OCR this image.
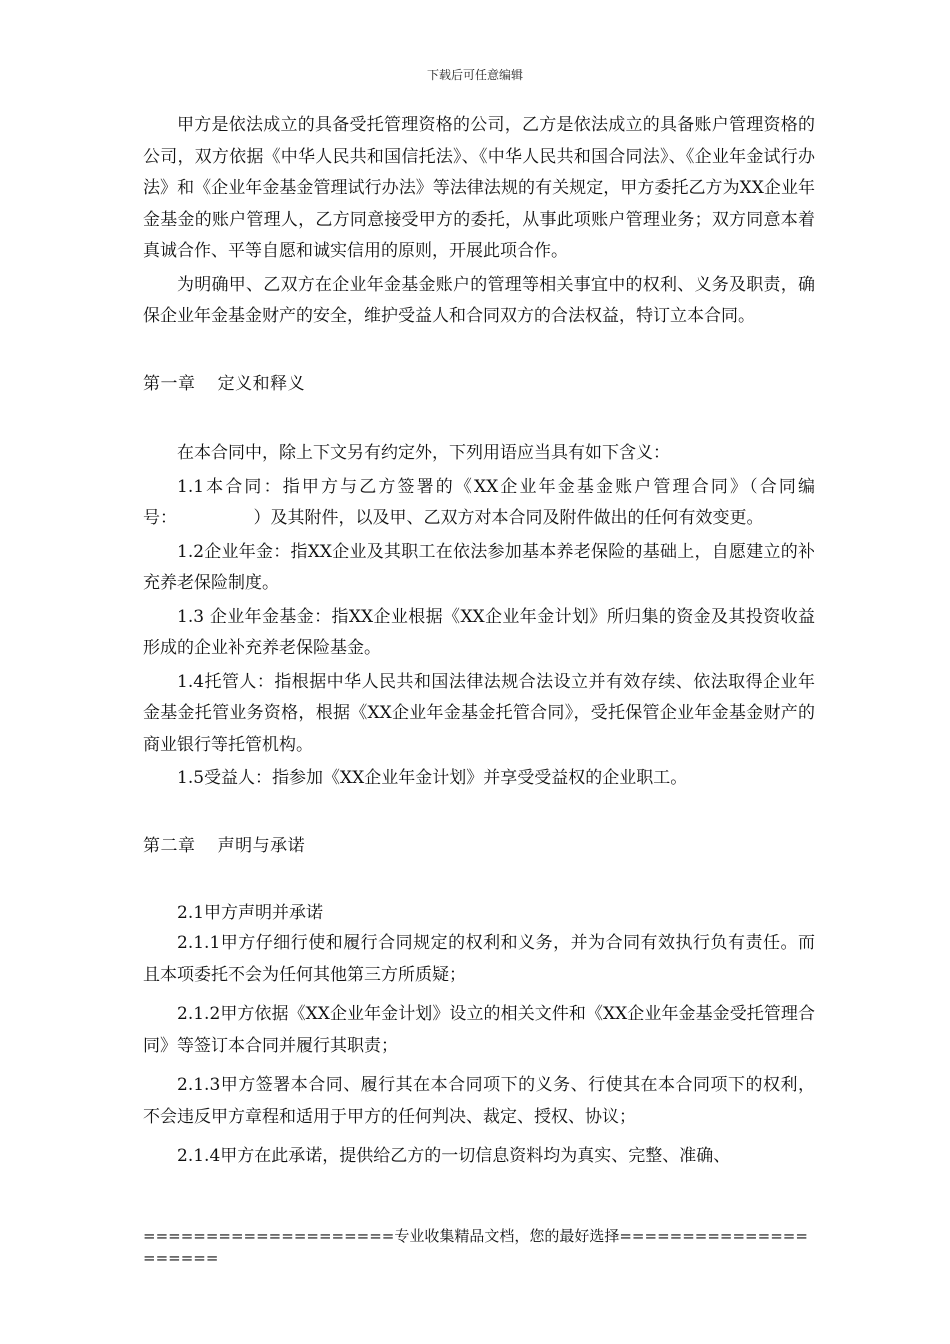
下载后可任意编辑

甲方是依法成立的具备受托管理资格的公司，乙方是依法成立的具备账户管理资格的公司，双方依据《中华人民共和国信托法》、《中华人民共和国合同法》、《企业年金试行办法》和《企业年金基金管理试行办法》等法律法规的有关规定，甲方委托乙方为XX企业年金基金的账户管理人，乙方同意接受甲方的委托，从事此项账户管理业务；双方同意本着真诚合作、平等自愿和诚实信用的原则，开展此项合作。

为明确甲、乙双方在企业年金基金账户的管理等相关事宜中的权利、义务及职责，确保企业年金基金财产的安全，维护受益人和合同双方的合法权益，特订立本合同。

第一章 定义和释义

在本合同中，除上下文另有约定外，下列用语应当具有如下含义：

1.1本合同：指甲方与乙方签署的《XX企业年金基金账户管理合同》（合同编号：　　　　　）及其附件，以及甲、乙双方对本合同及附件做出的任何有效变更。

1.2企业年金：指XX企业及其职工在依法参加基本养老保险的基础上，自愿建立的补充养老保险制度。

1.3 企业年金基金：指XX企业根据《XX企业年金计划》所归集的资金及其投资收益形成的企业补充养老保险基金。

1.4托管人：指根据中华人民共和国法律法规合法设立并有效存续、依法取得企业年金基金托管业务资格，根据《XX企业年金基金托管合同》，受托保管企业年金基金财产的商业银行等托管机构。

1.5受益人：指参加《XX企业年金计划》并享受受益权的企业职工。

第二章 声明与承诺

2.1甲方声明并承诺

2.1.1甲方仔细行使和履行合同规定的权利和义务，并为合同有效执行负有责任。而且本项委托不会为任何其他第三方所质疑；

2.1.2甲方依据《XX企业年金计划》设立的相关文件和《XX企业年金基金受托管理合同》等签订本合同并履行其职责；

2.1.3甲方签署本合同、履行其在本合同项下的义务、行使其在本合同项下的权利，不会违反甲方章程和适用于甲方的任何判决、裁定、授权、协议；

2.1.4甲方在此承诺，提供给乙方的一切信息资料均为真实、完整、准确、

====================专业收集精品文档，您的最好选择=====================
